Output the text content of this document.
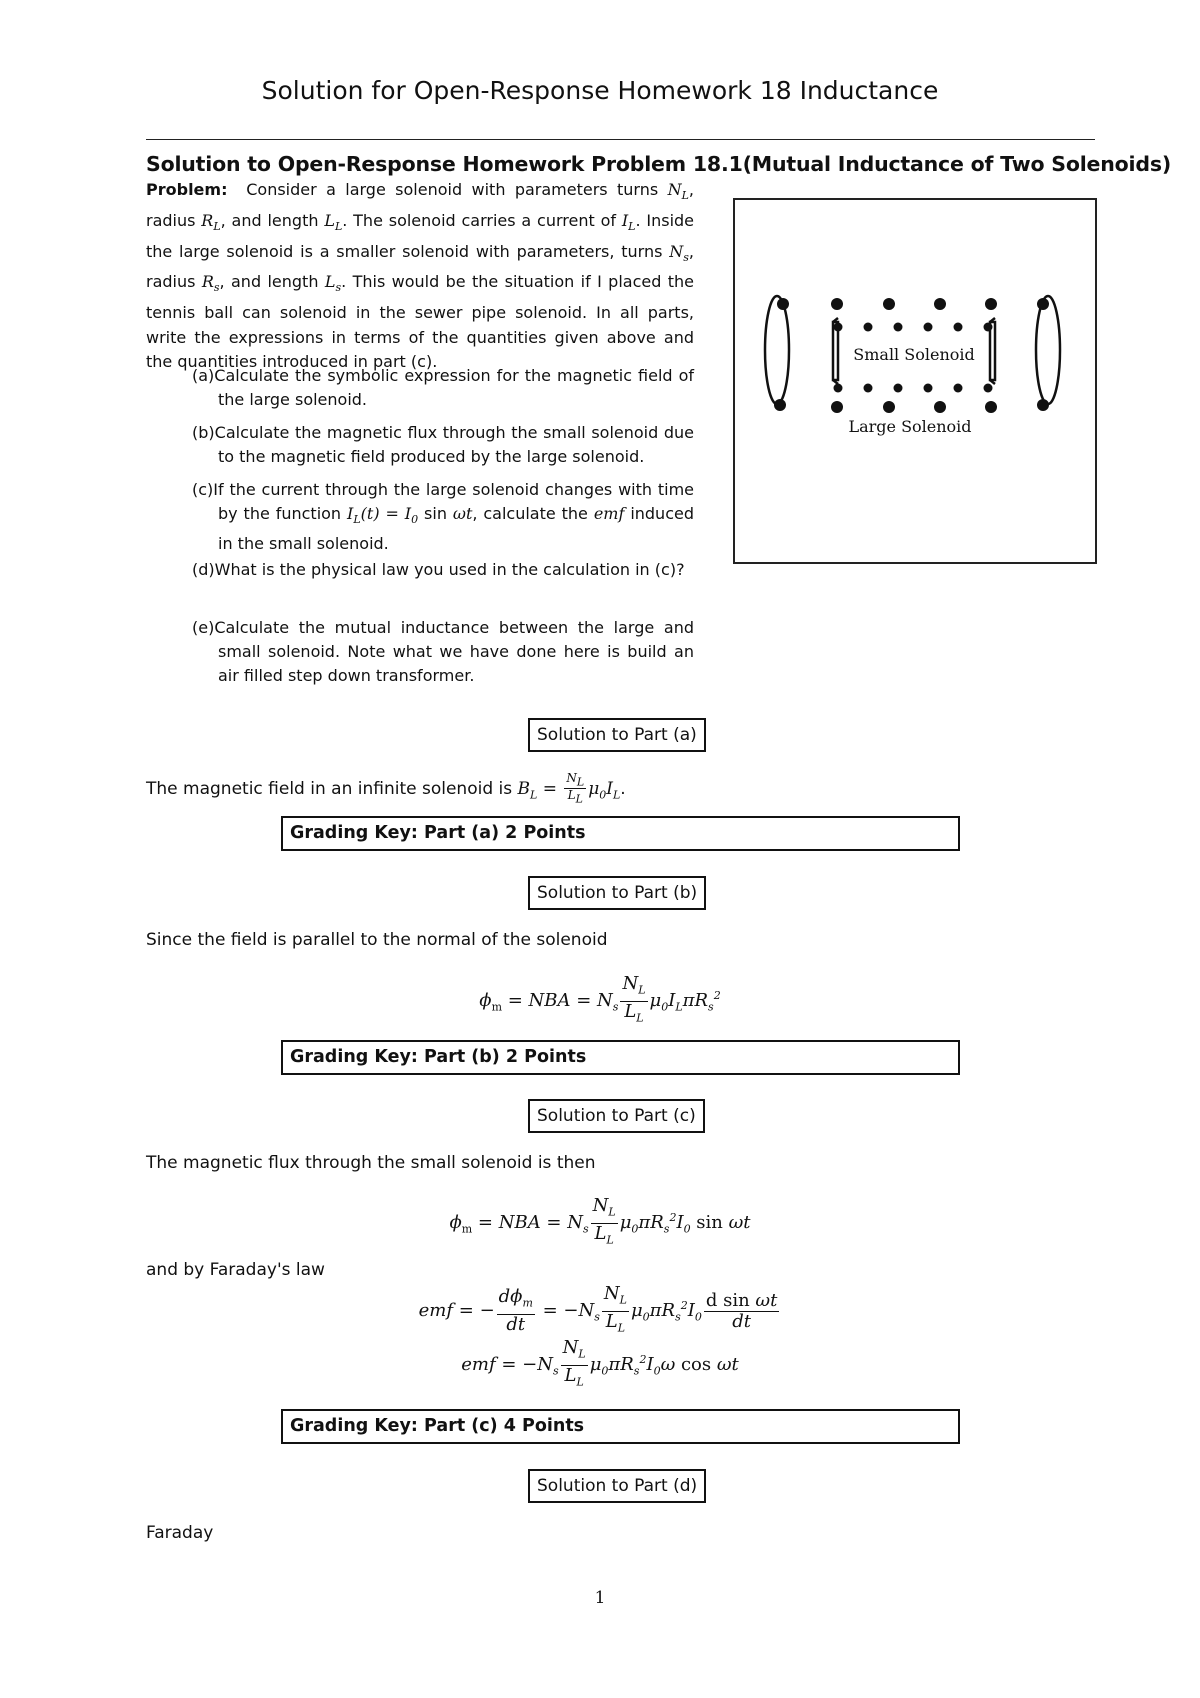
Solution for Open-Response Homework 18 Inductance
Solution to Open-Response Homework Problem 18.1(Mutual Inductance of Two Solenoids)
Problem: Consider a large solenoid with parameters turns $N_L$, radius $R_L$, and length $L_L$. The solenoid carries a current of $I_L$. Inside the large solenoid is a smaller solenoid with parameters, turns $N_s$, radius $R_s$, and length $L_s$. This would be the situation if I placed the tennis ball can solenoid in the sewer pipe solenoid. In all parts, write the expressions in terms of the quantities given above and the quantities introduced in part (c).
(a)Calculate the symbolic expression for the magnetic field of the large solenoid.
(b)Calculate the magnetic flux through the small solenoid due to the magnetic field produced by the large solenoid.
(c)If the current through the large solenoid changes with time by the function $I_L(t) = I_0$ sin ωt, calculate the emf induced in the small solenoid.
(d)What is the physical law you used in the calculation in (c)?
(e)Calculate the mutual inductance between the large and small solenoid. Note what we have done here is build an air filled step down transformer.
Small Solenoid
Large Solenoid
Solution to Part (a)
The magnetic field in an infinite solenoid is $B_L = \frac{N_L}{L_L} \mu_0I_L$.
Grading Key: Part (a) 2 Points
Solution to Part (b)
Since the field is parallel to the normal of the solenoid
$\phi_m$ = NBA = $N_s \frac{N_L}{L_L} \mu_0I_L\pi R_s^2$
Grading Key: Part (b) 2 Points
Solution to Part (c)
The magnetic flux through the small solenoid is then
$\phi_m$ = NBA = $N_s \frac{N_L}{L_L} \mu_0\pi R_s^2I_0$ sin ωt
and by Faraday's law
emf = − $\frac{d\phi_m}{dt} = -N_s \frac{N_L}{L_L} \mu_0\pi R_s^2I_0 \frac{\text{d sin ωt}}{dt}$
emf = $-N_s \frac{N_L}{L_L} \mu_0\pi R_s^2I_0\omega$ cos ωt
Grading Key: Part (c) 4 Points
Solution to Part (d)
Faraday
1
